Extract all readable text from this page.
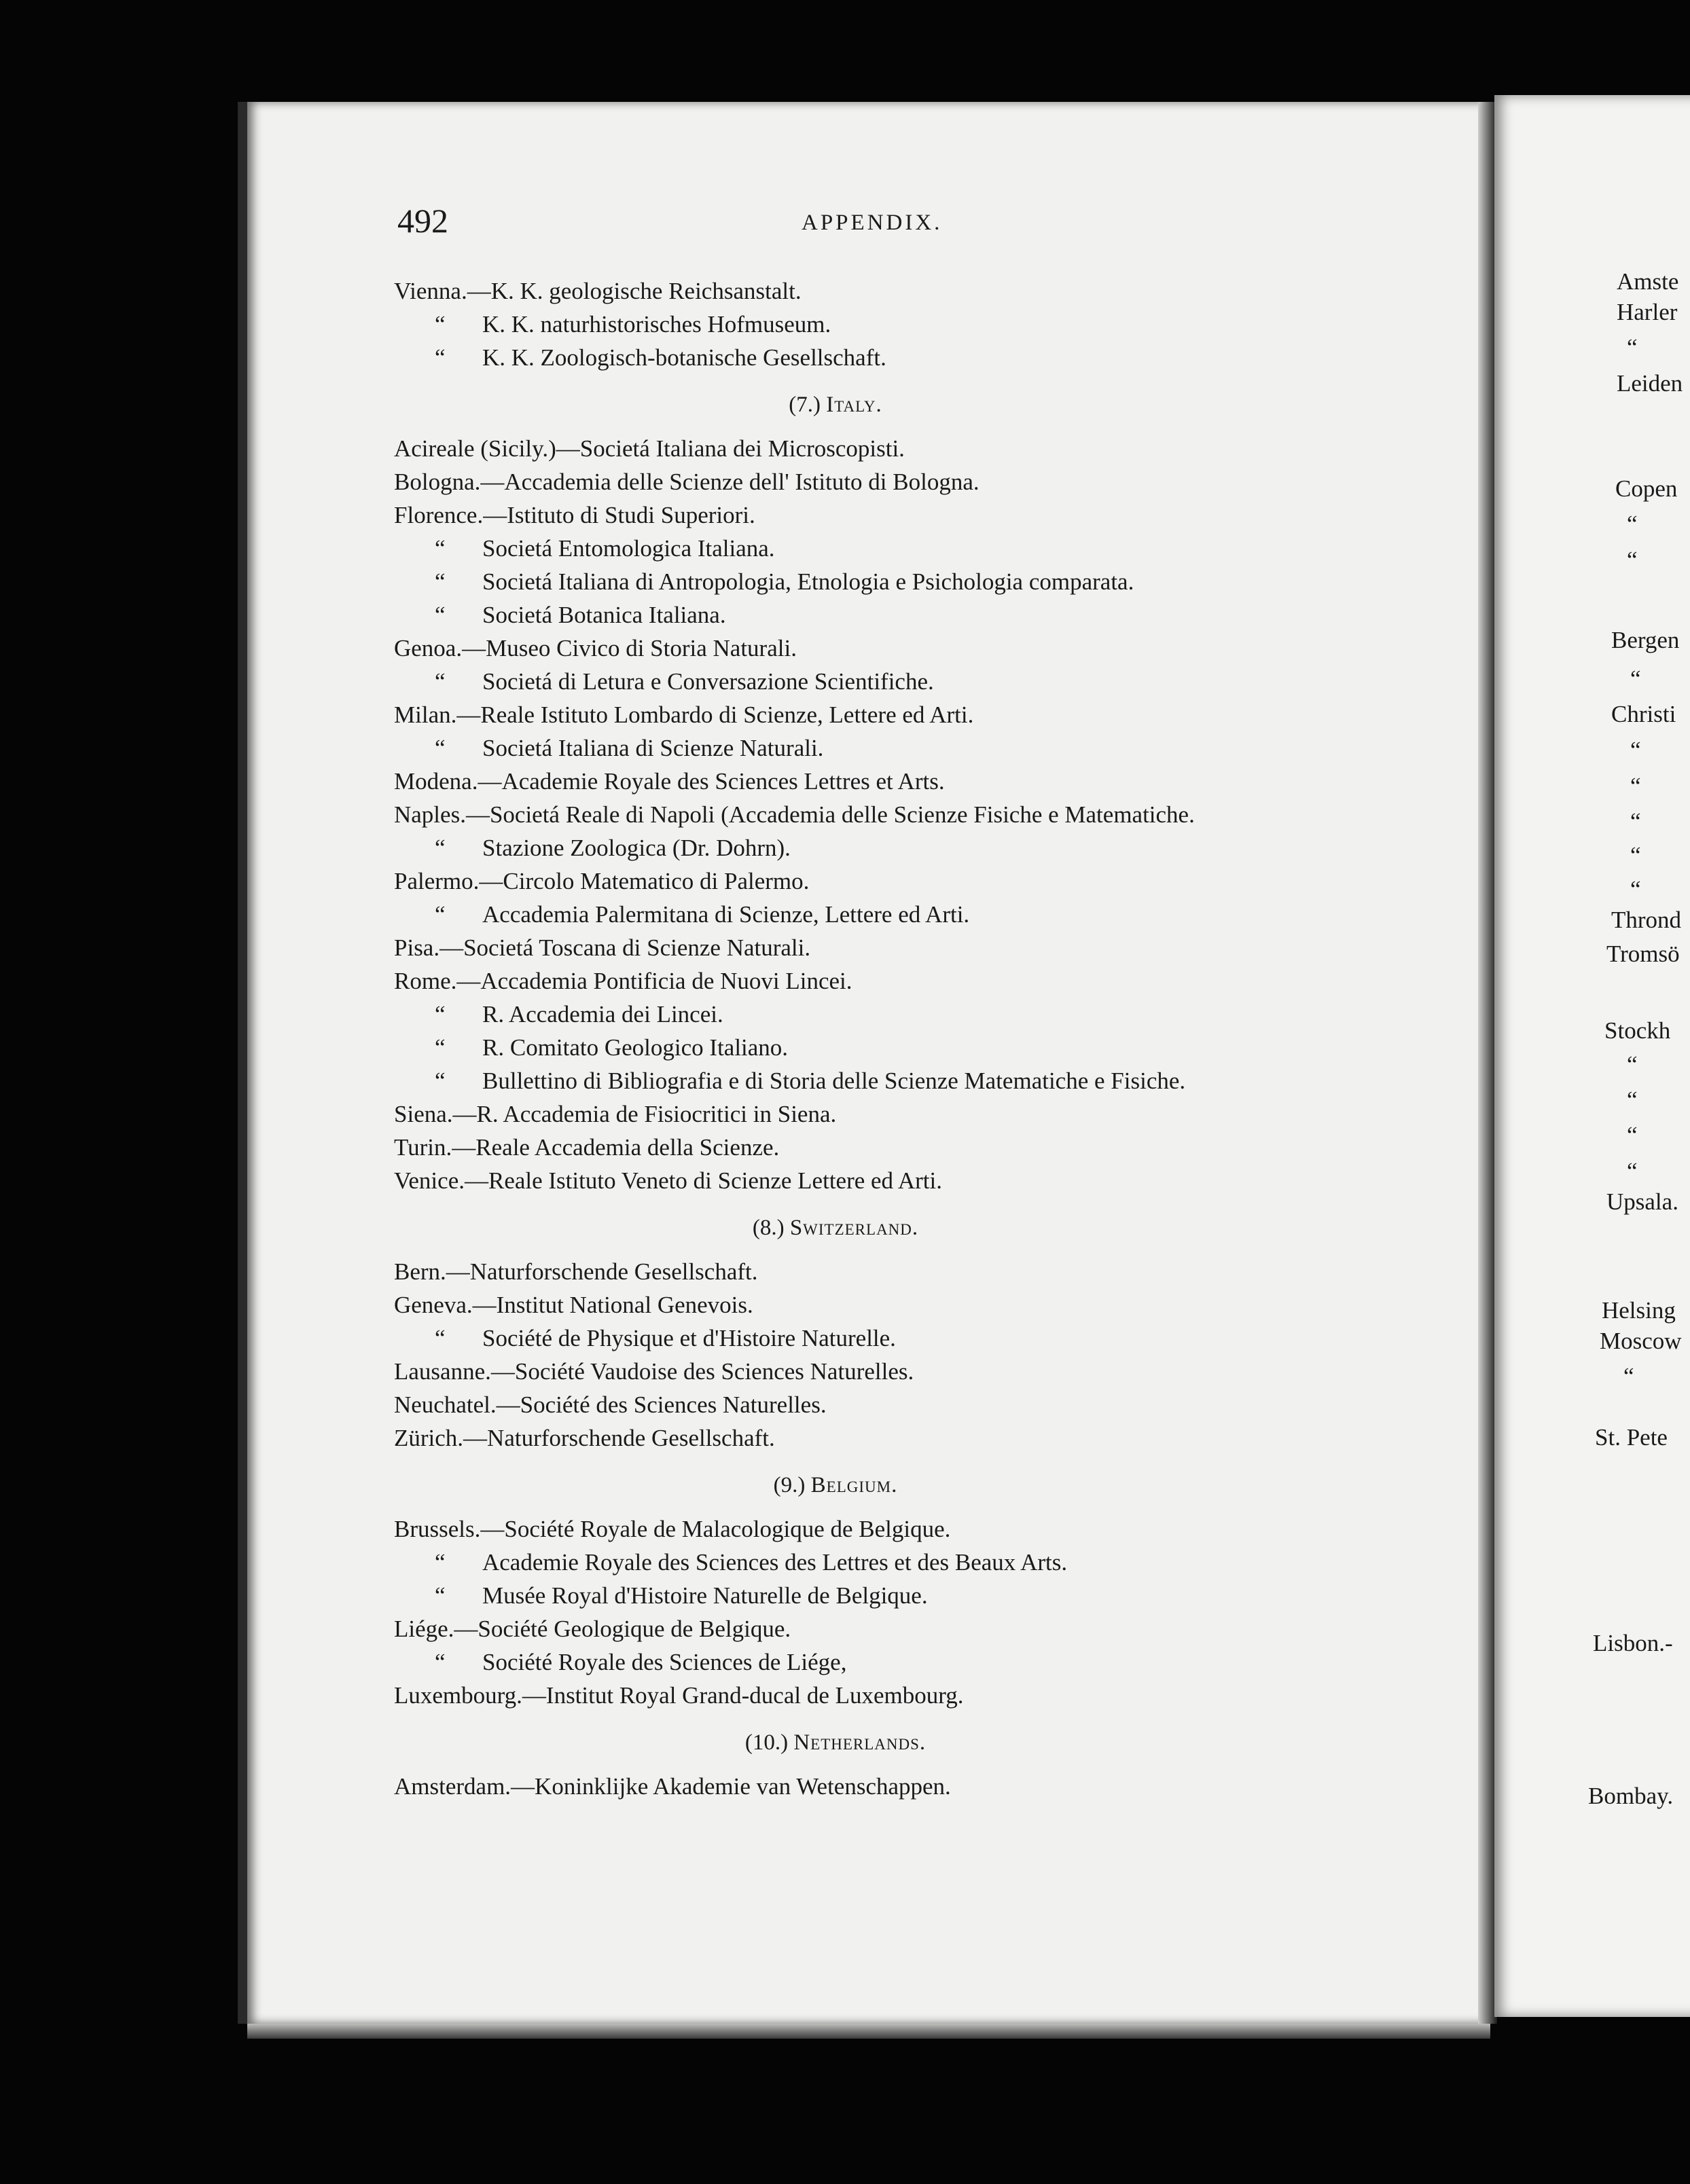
492	APPENDIX.
Vienna.—K. K. geologische Reichsanstalt.
“ K. K. naturhistorisches Hofmuseum.
“ K. K. Zoologisch-botanische Gesellschaft.
(7.) Italy.
Acireale (Sicily.)—Societá Italiana dei Microscopisti.
Bologna.—Accademia delle Scienze dell' Istituto di Bologna.
Florence.—Istituto di Studi Superiori.
“ Societá Entomologica Italiana.
“ Societá Italiana di Antropologia, Etnologia e Psichologia comparata.
“ Societá Botanica Italiana.
Genoa.—Museo Civico di Storia Naturali.
“ Societá di Letura e Conversazione Scientifiche.
Milan.—Reale Istituto Lombardo di Scienze, Lettere ed Arti.
“ Societá Italiana di Scienze Naturali.
Modena.—Academie Royale des Sciences Lettres et Arts.
Naples.—Societá Reale di Napoli (Accademia delle Scienze Fisiche e Matematiche.
“ Stazione Zoologica (Dr. Dohrn).
Palermo.—Circolo Matematico di Palermo.
“ Accademia Palermitana di Scienze, Lettere ed Arti.
Pisa.—Societá Toscana di Scienze Naturali.
Rome.—Accademia Pontificia de Nuovi Lincei.
“ R. Accademia dei Lincei.
“ R. Comitato Geologico Italiano.
“ Bullettino di Bibliografia e di Storia delle Scienze Matematiche e Fisiche.
Siena.—R. Accademia de Fisiocritici in Siena.
Turin.—Reale Accademia della Scienze.
Venice.—Reale Istituto Veneto di Scienze Lettere ed Arti.
(8.) Switzerland.
Bern.—Naturforschende Gesellschaft.
Geneva.—Institut National Genevois.
“ Société de Physique et d'Histoire Naturelle.
Lausanne.—Société Vaudoise des Sciences Naturelles.
Neuchatel.—Société des Sciences Naturelles.
Zürich.—Naturforschende Gesellschaft.
(9.) Belgium.
Brussels.—Société Royale de Malacologique de Belgique.
“ Academie Royale des Sciences des Lettres et des Beaux Arts.
“ Musée Royal d'Histoire Naturelle de Belgique.
Liége.—Société Geologique de Belgique.
“ Société Royale des Sciences de Liége,
Luxembourg.—Institut Royal Grand-ducal de Luxembourg.
(10.) Netherlands.
Amsterdam.—Koninklijke Akademie van Wetenschappen.
Amste
Harler
“
Leiden
Copen
“
“
Bergen
“
Christi
“
“
“
“
“
Thrond
Tromsö
Stockh
“
“
“
“
Upsala.
Helsing
Moscow
“
St. Pete
Lisbon.-
Bombay.
